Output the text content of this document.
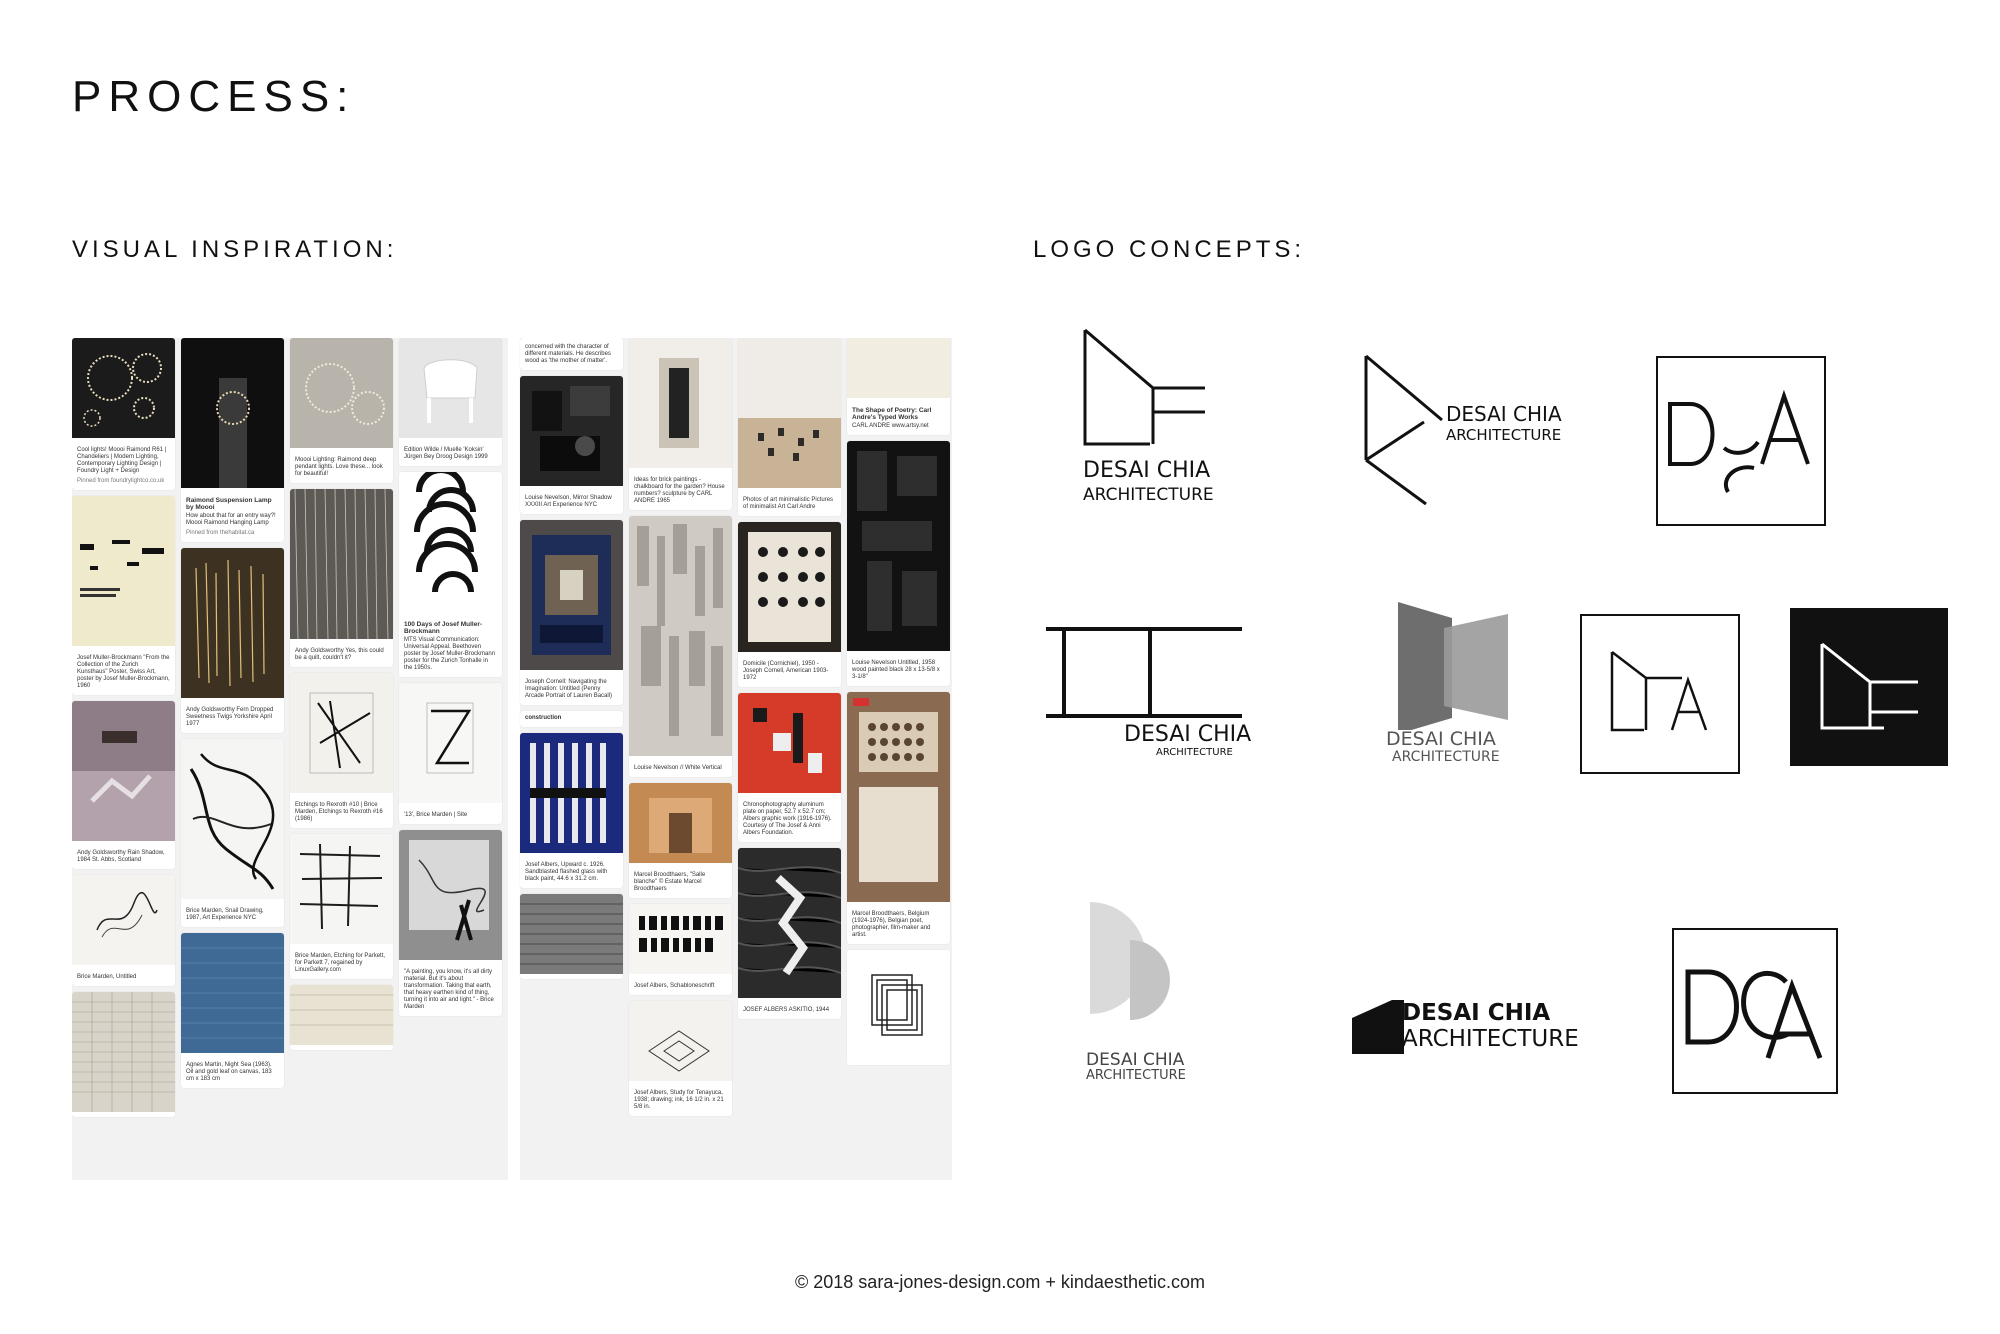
PROCESS:
VISUAL INSPIRATION:	LOGO CONCEPTS:
Cool lights! Moooi Raimond R61 | Chandeliers | Modern Lighting, Contemporary Lighting Design | Foundry Light + Design
Pinned from foundrylightco.co.uk
Josef Muller-Brockmann "From the Collection of the Zurich Kunsthaus" Poster, Swiss Art, poster by Josef Muller-Brockmann, 1960
Andy Goldsworthy Rain Shadow, 1984 St. Abbs, Scotland
Brice Marden, Untitled
Raimond Suspension Lamp by Moooi
How about that for an entry way?! Moooi Raimond Hanging Lamp
Pinned from thehabitat.ca
Andy Goldsworthy Fern Dropped Sweetness Twigs Yorkshire April 1977
Brice Marden, Snail Drawing, 1987, Art Experience NYC
Agnes Martin, Night Sea (1963). Oil and gold leaf on canvas, 183 cm x 183 cm
Moooi Lighting: Raimond deep pendant lights. Love these... look for beautiful!
Andy Goldsworthy Yes, this could be a quilt, couldn't it?
Etchings to Rexroth #10 | Brice Marden, Etchings to Rexroth #16 (1986)
Brice Marden, Etching for Parkett, for Parkett 7, regained by LinuxGallery.com
Edition Wilde / Muelle 'Koksin' Jürgen Bey Droog Design 1999
100 Days of Josef Muller-Brockmann
MTS Visual Communication: Universal Appeal. Beethoven poster by Josef Muller-Brockmann poster for the Zurich Tonhalle in the 1950s.
'13', Brice Marden | Site
"A painting, you know, it's all dirty material. But it's about transformation. Taking that earth, that heavy earthen kind of thing, turning it into air and light." - Brice Marden
concerned with the character of different materials. He describes wood as 'the mother of matter'.
Louise Nevelson, Mirror Shadow XXXIII Art Experience NYC
Joseph Cornell: Navigating the Imagination: Untitled (Penny Arcade Portrait of Lauren Bacall)
construction
Josef Albers, Upward c. 1926. Sandblasted flashed glass with black paint, 44.6 x 31.2 cm.
Ideas for brick paintings - chalkboard for the garden? House numbers? sculpture by CARL ANDRE 1965
Louise Nevelson // White Vertical
Marcel Broodthaers, "Salle blanche" © Estate Marcel Broodthaers
Josef Albers, Schabloneschrift
Josef Albers, Study for Tenayuca, 1938; drawing; ink, 16 1/2 in. x 21 5/8 in.
Photos of art minimalistic Pictures of minimalist Art Carl Andre
Domicile (Cornichiel), 1950 - Joseph Cornell, American 1903-1972
Chronophotography aluminum plate on paper, 52.7 x 52.7 cm; Albers graphic work (1916-1976). Courtesy of The Josef & Anni Albers Foundation.
JOSEF ALBERS ASKITIO, 1944
The Shape of Poetry: Carl Andre's Typed Works
CARL ANDRE www.artsy.net
Louise Nevelson Untitled, 1958 wood painted black 28 x 13-5/8 x 3-1/8"
Marcel Broodthaers, Belgium (1924-1976), Belgian poet, photographer, film-maker and artist.
DESAI CHIA
ARCHITECTURE
DESAI CHIA
ARCHITECTURE
DESAI CHIA
ARCHITECTURE
DESAI CHIA
ARCHITECTURE
DESAI CHIA
ARCHITECTURE
DESAI CHIA
ARCHITECTURE
© 2018 sara-jones-design.com + kindaesthetic.com
